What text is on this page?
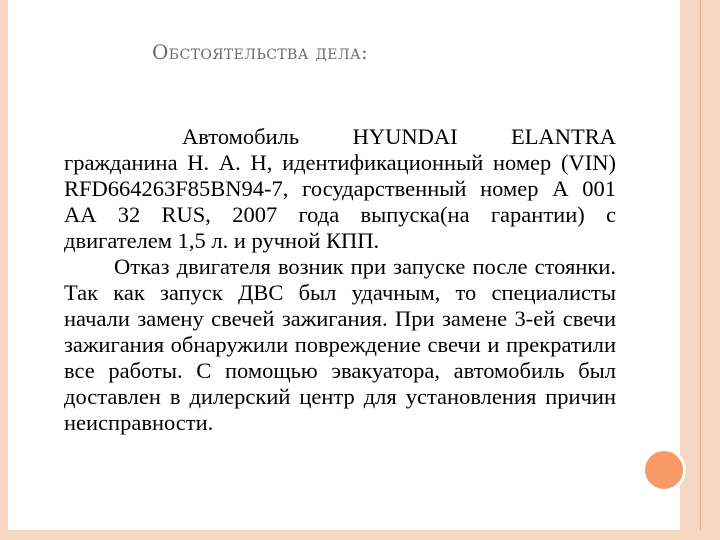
Обстоятельства дела:

Автомобиль HYUNDAI ELANTRA гражданина Н. А. Н, идентификационный номер (VIN) RFD664263F85BN94-7, государственный номер А 001 АА 32 RUS, 2007 года выпуска(на гарантии) с двигателем 1,5 л. и ручной КПП.

Отказ двигателя возник при запуске после стоянки. Так как запуск ДВС был удачным, то специалисты начали замену свечей зажигания. При замене 3-ей свечи зажигания обнаружили повреждение свечи и прекратили все работы. С помощью эвакуатора, автомобиль был доставлен в дилерский центр для установления причин неисправности.
